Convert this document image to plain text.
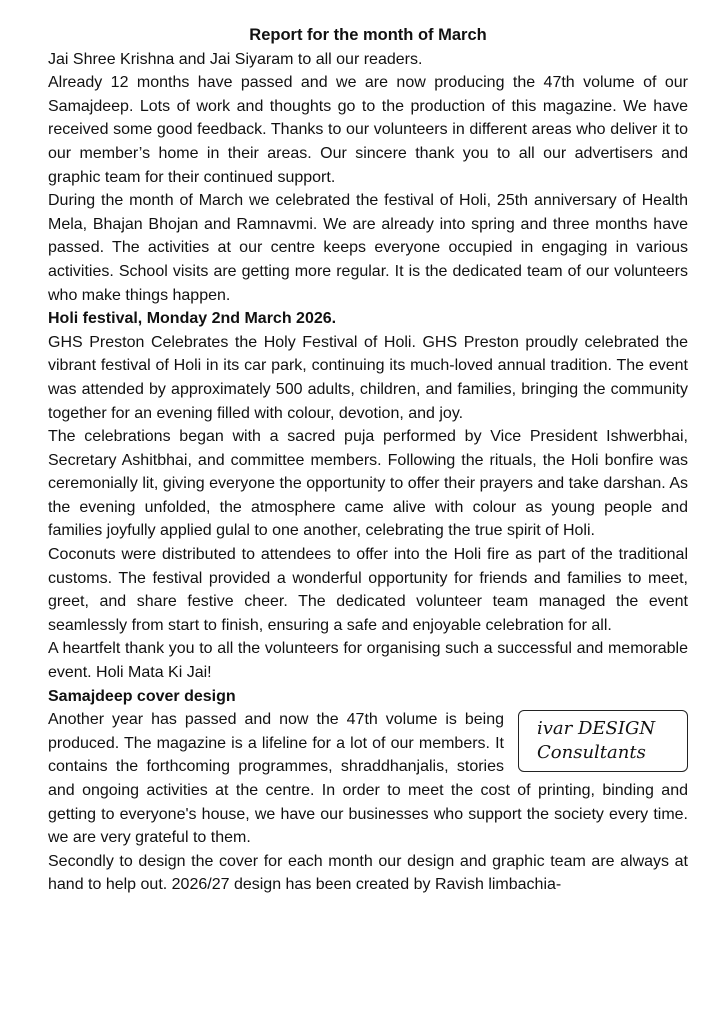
Report for the month of March

Jai Shree Krishna and Jai Siyaram to all our readers.

Already 12 months have passed and we are now producing the 47th volume of our Samajdeep. Lots of work and thoughts go to the production of this magazine. We have received some good feedback. Thanks to our volunteers in different areas who deliver it to our member’s home in their areas. Our sincere thank you to all our advertisers and graphic team for their continued support.

During the month of March we celebrated the festival of Holi, 25th anniversary of Health Mela, Bhajan Bhojan and Ramnavmi. We are already into spring and three months have passed. The activities at our centre keeps everyone occupied in engaging in various activities. School visits are getting more regular. It is the dedicated team of our volunteers who make things happen.

Holi festival, Monday 2nd March 2026.

GHS Preston Celebrates the Holy Festival of Holi. GHS Preston proudly celebrated the vibrant festival of Holi in its car park, continuing its much-loved annual tradition. The event was attended by approximately 500 adults, children, and families, bringing the community together for an evening filled with colour, devotion, and joy.

The celebrations began with a sacred puja performed by Vice President Ishwerbhai, Secretary Ashitbhai, and committee members. Following the rituals, the Holi bonfire was ceremonially lit, giving everyone the opportunity to offer their prayers and take darshan. As the evening unfolded, the atmosphere came alive with colour as young people and families joyfully applied gulal to one another, celebrating the true spirit of Holi.

Coconuts were distributed to attendees to offer into the Holi fire as part of the traditional customs. The festival provided a wonderful opportunity for friends and families to meet, greet, and share festive cheer. The dedicated volunteer team managed the event seamlessly from start to finish, ensuring a safe and enjoyable celebration for all.

A heartfelt thank you to all the volunteers for organising such a successful and memorable event. Holi Mata Ki Jai!

Samajdeep cover design
ivar DESIGN
Consultants

Another year has passed and now the 47th volume is being produced. The magazine is a lifeline for a lot of our members. It contains the forthcoming programmes, shraddhanjalis, stories and ongoing activities at the centre. In order to meet the cost of printing, binding and getting to everyone's house, we have our businesses who support the society every time. we are very grateful to them.

Secondly to design the cover for each month our design and graphic team are always at hand to help out. 2026/27 design has been created by Ravish limbachia-
